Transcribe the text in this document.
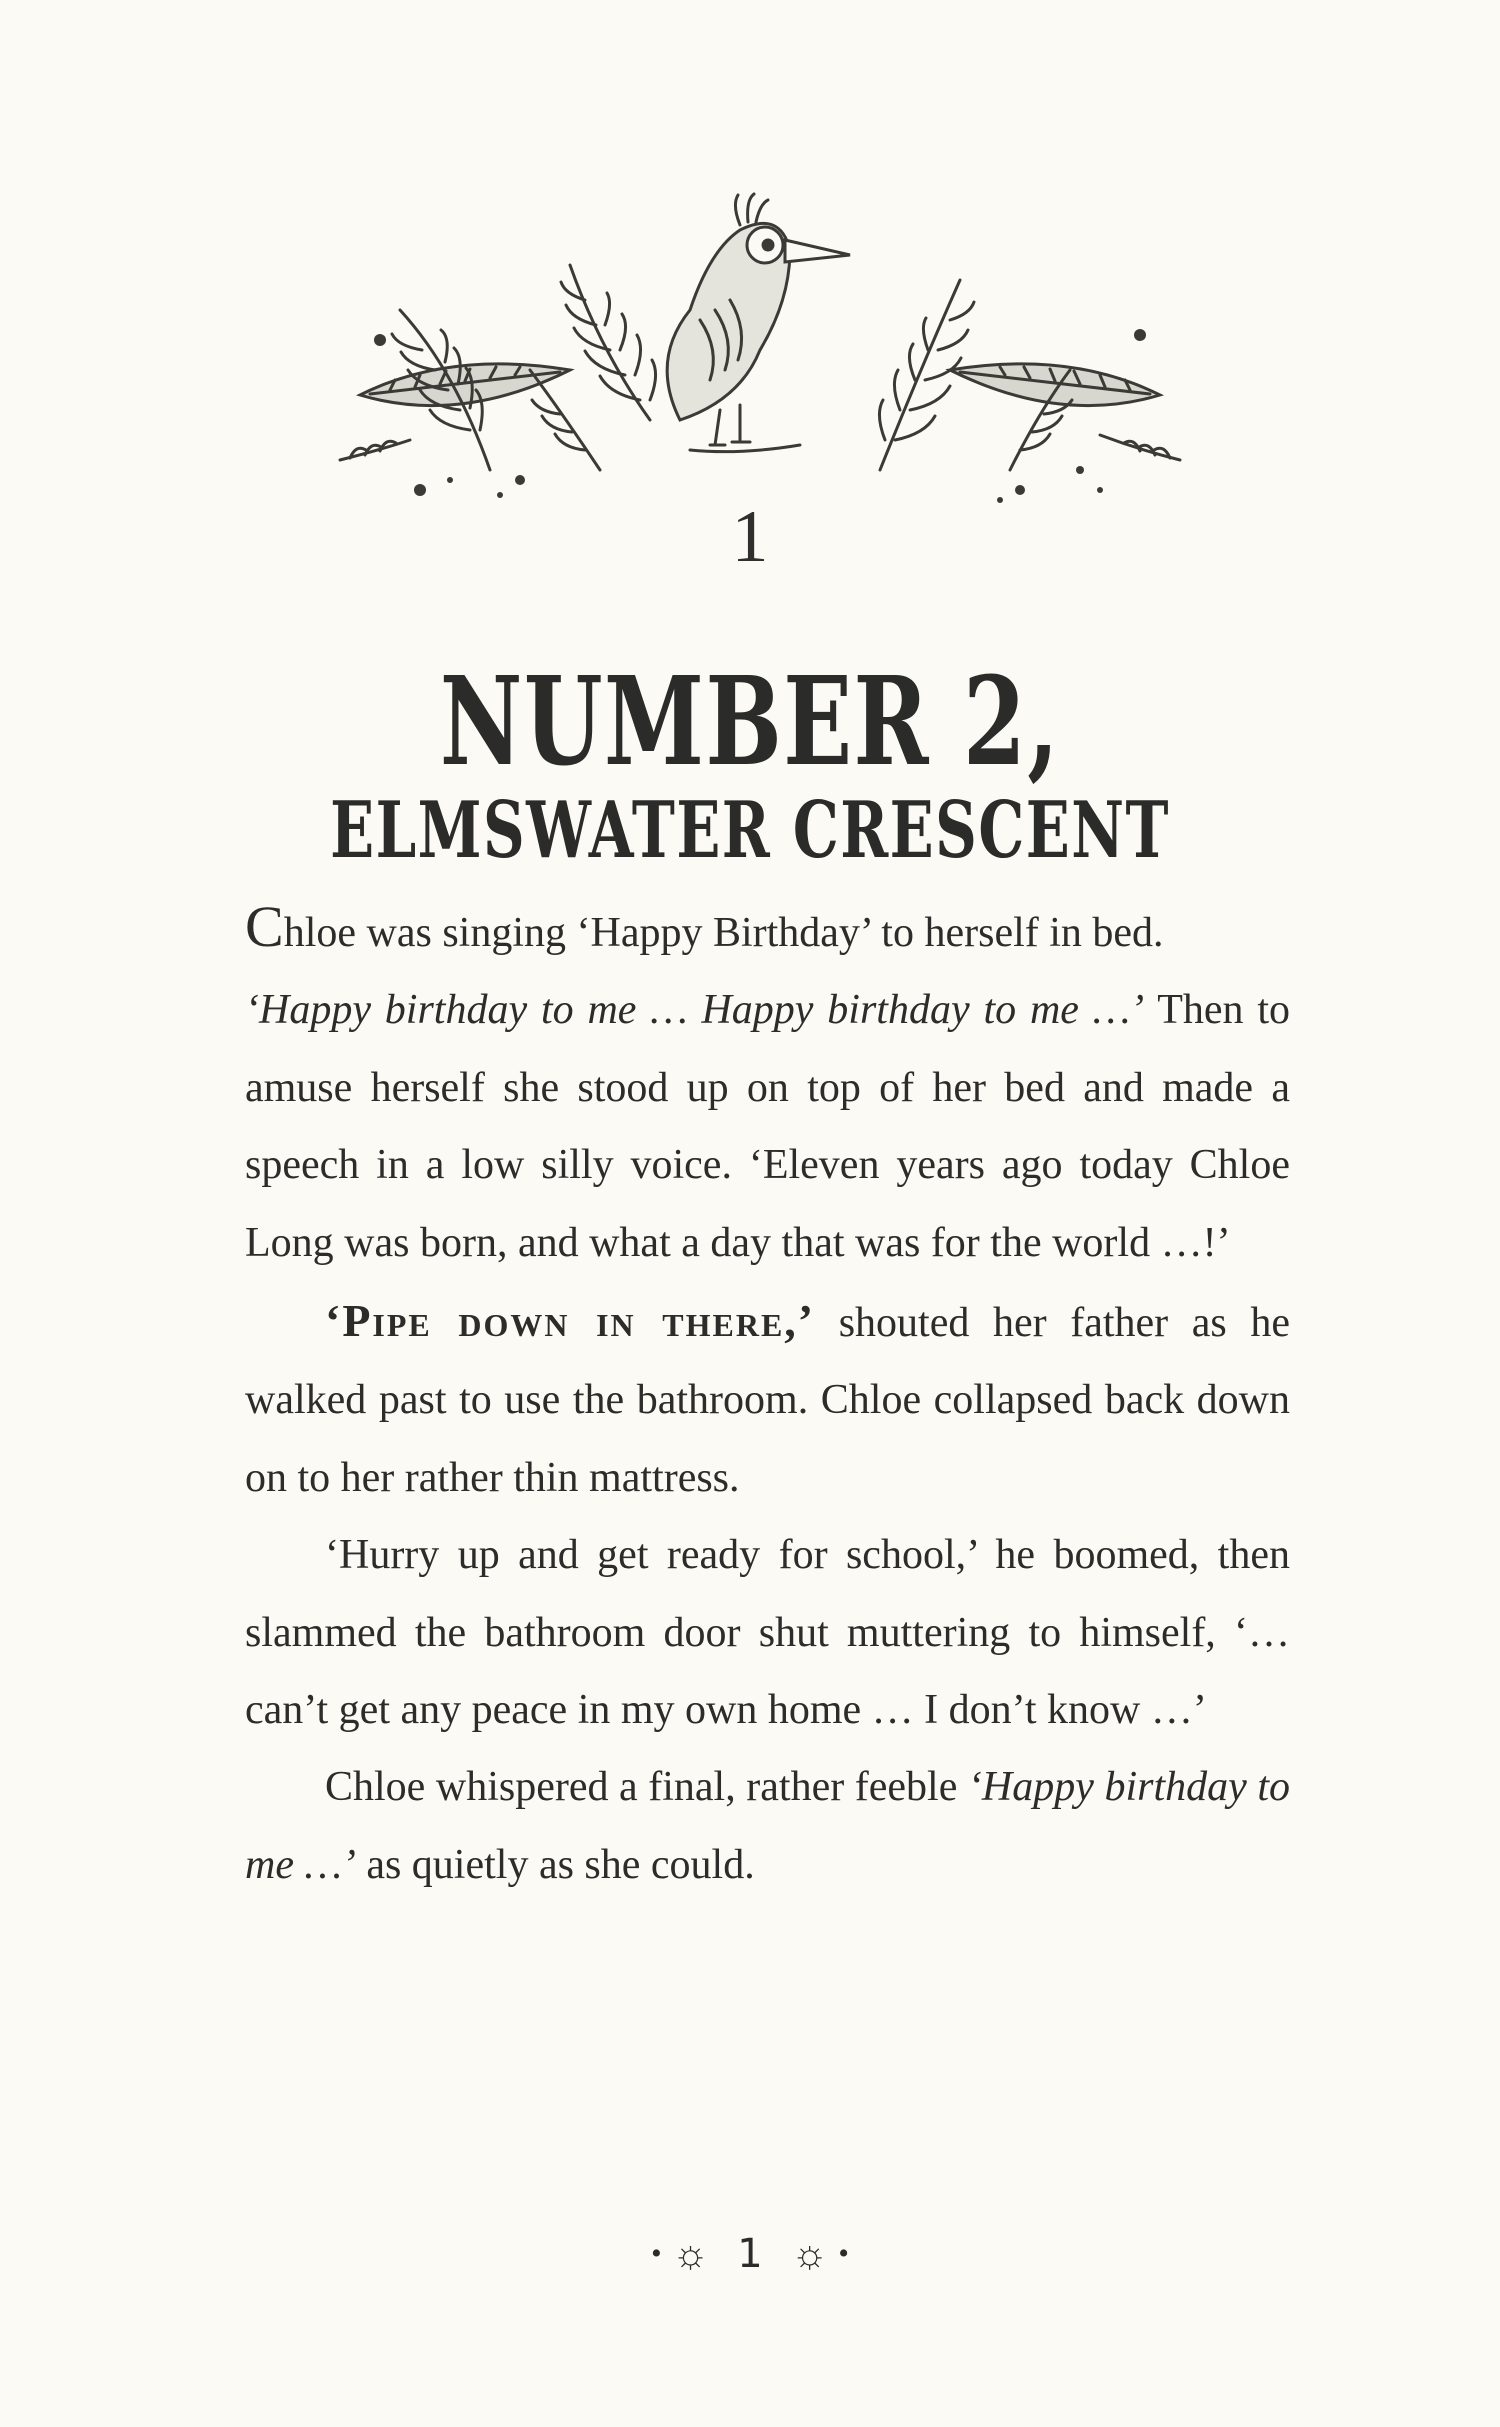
1
NUMBER 2,
ELMSWATER CRESCENT

Chloe was singing ‘Happy Birthday’ to herself in bed.

‘Happy birthday to me … Happy birthday to me …’ Then to amuse herself she stood up on top of her bed and made a speech in a low silly voice. ‘Eleven years ago today Chloe Long was born, and what a day that was for the world …!’

‘Pipe down in there,’ shouted her father as he walked past to use the bathroom. Chloe collapsed back down on to her rather thin mattress.

‘Hurry up and get ready for school,’ he boomed, then slammed the bathroom door shut muttering to himself, ‘… can’t get any peace in my own home … I don’t know …’

Chloe whispered a final, rather feeble ‘Happy birthday to me …’ as quietly as she could.

• ☼ 1 ☼ •
